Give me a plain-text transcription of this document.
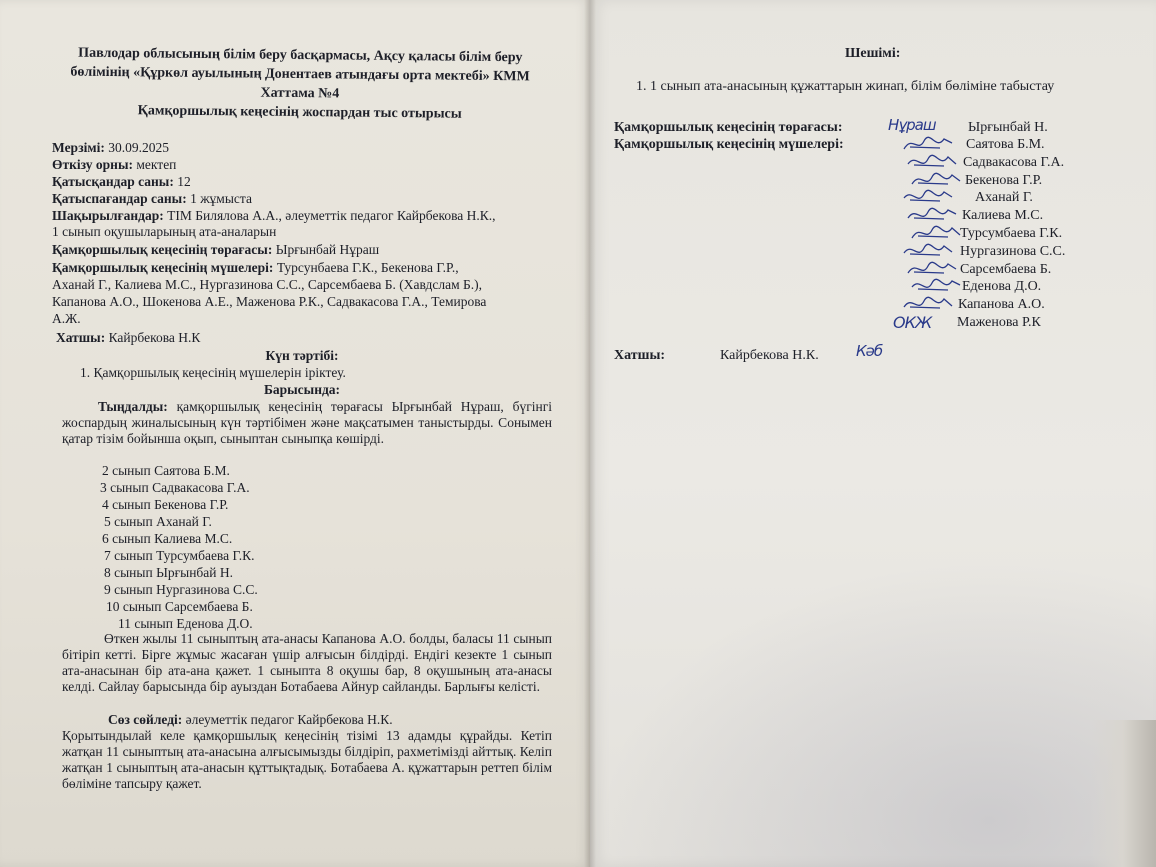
Павлодар облысының білім беру басқармасы, Ақсу қаласы білім беру
бөлімінің «Құркөл ауылының Донентаев атындағы орта мектебі» КММ
Хаттама №4
Қамқоршылық кеңесінің жоспардан тыс отырысы
Мерзімі: 30.09.2025
Өткізу орны: мектеп
Қатысқандар саны: 12
Қатыспағандар саны: 1 жұмыста
Шақырылғандар: ТІМ Билялова А.А., әлеуметтік педагог Кайрбекова Н.К.,
1 сынып оқушыларының ата-аналарын
Қамқоршылық кеңесінің төрағасы: Ырғынбай Нұраш
Қамқоршылық кеңесінің мүшелері: Турсунбаева Г.К., Бекенова Г.Р.,
Аханай Г., Калиева М.С., Нургазинова С.С., Сарсембаева Б. (Хавдслам Б.),
Капанова А.О., Шокенова А.Е., Маженова Р.К., Садвакасова Г.А., Темирова
А.Ж.
Хатшы: Кайрбекова Н.К
Күн тәртібі:
1. Қамқоршылық кеңесінің мүшелерін іріктеу.
Барысында:
Тыңдалды: қамқоршылық кеңесінің төрағасы Ырғынбай Нұраш, бүгінгі жоспардың жиналысының күн тәртібімен және мақсатымен таныстырды. Сонымен қатар тізім бойынша оқып, сыныптан сыныпқа көшірді.
2 сынып Саятова Б.М.
3 сынып Садвакасова Г.А.
4 сынып Бекенова Г.Р.
5 сынып Аханай Г.
6 сынып Калиева М.С.
7 сынып Турсумбаева Г.К.
8 сынып Ырғынбай Н.
9 сынып Нургазинова С.С.
10 сынып Сарсембаева Б.
11 сынып Еденова Д.О.
Өткен жылы 11 сыныптың ата-анасы Капанова А.О. болды, баласы 11 сынып бітіріп кетті. Бірге жұмыс жасаған үшір алғысын білдірді. Ендігі кезекте 1 сынып ата-анасынан бір ата-ана қажет. 1 сыныпта 8 оқушы бар, 8 оқушының ата-анасы келді. Сайлау барысында бір ауыздан Ботабаева Айнур сайланды. Барлығы келісті.
Сөз сөйледі: әлеуметтік педагог Кайрбекова Н.К.
Қорытындылай келе қамқоршылық кеңесінің тізімі 13 адамды құрайды. Кетіп жатқан 11 сыныптың ата-анасына алғысымызды білдіріп, рахметімізді айттық. Келіп жатқан 1 сыныптың ата-анасын құттықтадық. Ботабаева А. құжаттарын реттеп білім бөліміне тапсыру қажет.
Шешімі:
1. 1 сынып ата-анасының құжаттарын жинап, білім бөліміне табыстау
Қамқоршылық кеңесінің төрағасы:	Нұраш Ырғынбай Н.
Қамқоршылық кеңесінің мүшелері:	Саятова Б.М.
Садвакасова Г.А.
Бекенова Г.Р.
Аханай Г.
Калиева М.С.
Турсумбаева Г.К.
Нургазинова С.С.
Сарсембаева Б.
Еденова Д.О.
Капанова А.О.
Маженова Р.К
ОКЖ
Хатшы:	Кайрбекова Н.К. Кәб
